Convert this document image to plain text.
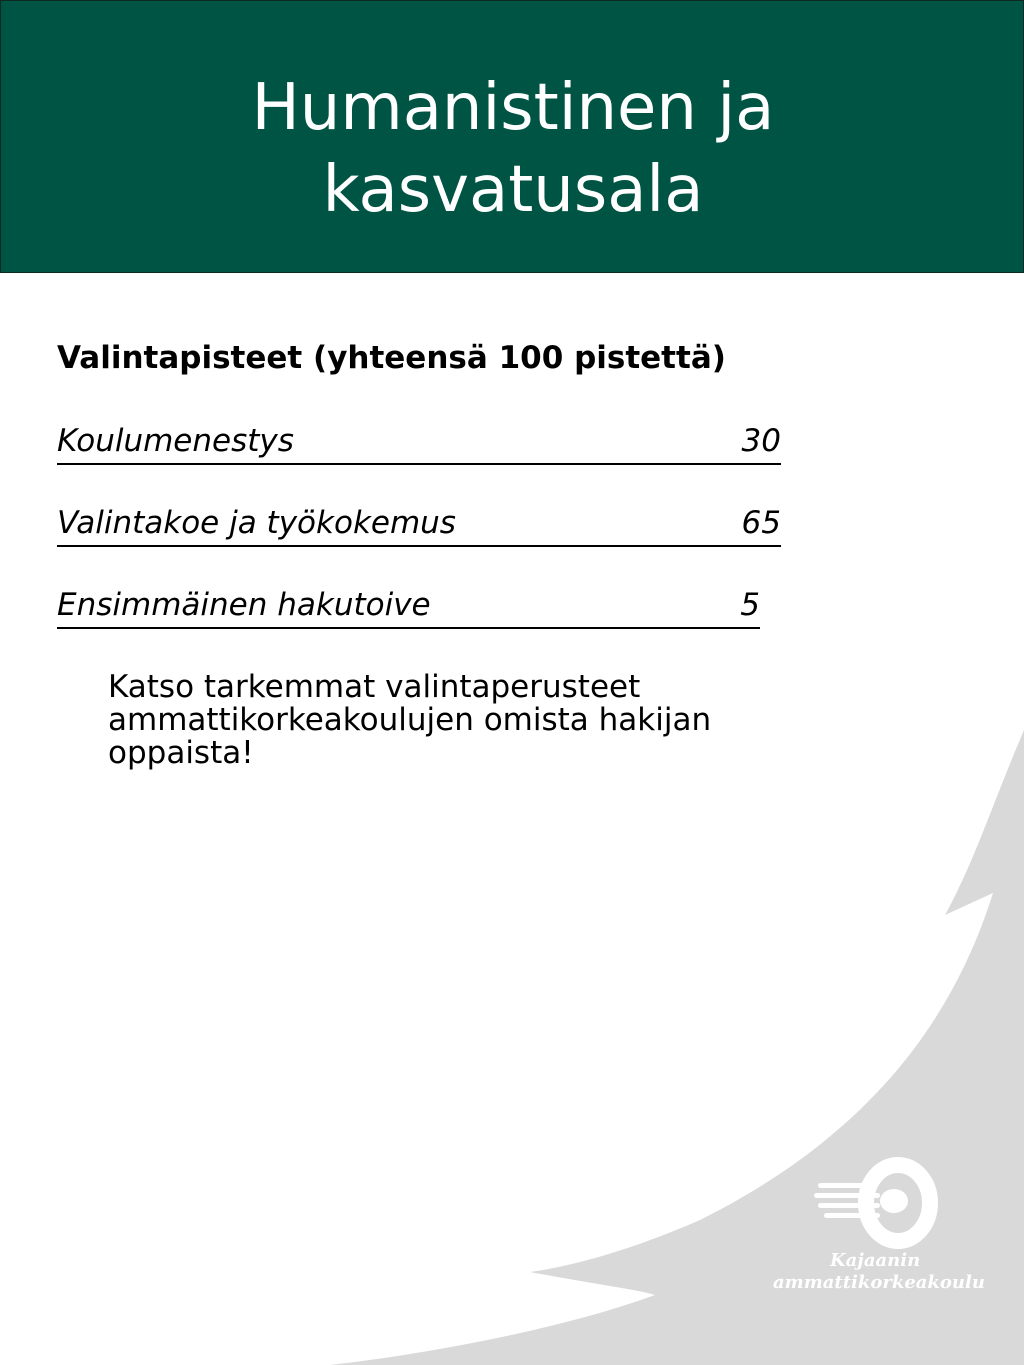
Humanistinen ja
kasvatusala
Valintapisteet (yhteensä 100 pistettä)
Koulumenestys	30
Valintakoe ja työkokemus	65
Ensimmäinen hakutoive	5
Katso tarkemmat valintaperusteet ammattikorkeakoulujen omista hakijan oppaista!
Kajaanin
ammattikorkeakoulu
